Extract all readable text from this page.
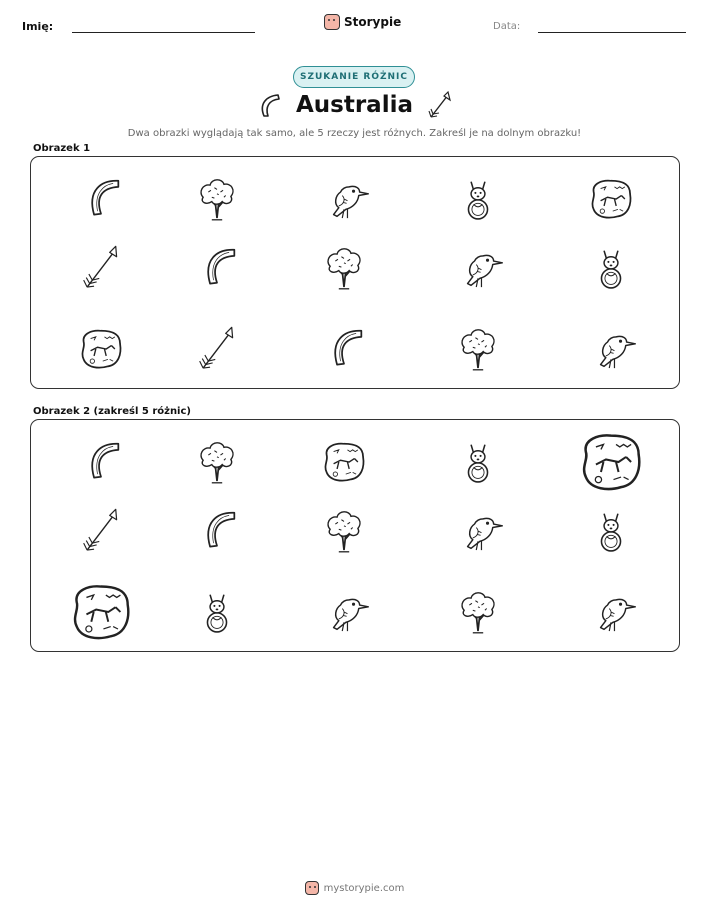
Imię:	Storypie	Data:
SZUKANIE RÓŻNIC
Australia
Dwa obrazki wyglądają tak samo, ale 5 rzeczy jest różnych. Zakreśl je na dolnym obrazku!
Obrazek 1
Obrazek 2 (zakreśl 5 różnic)
mystorypie.com
